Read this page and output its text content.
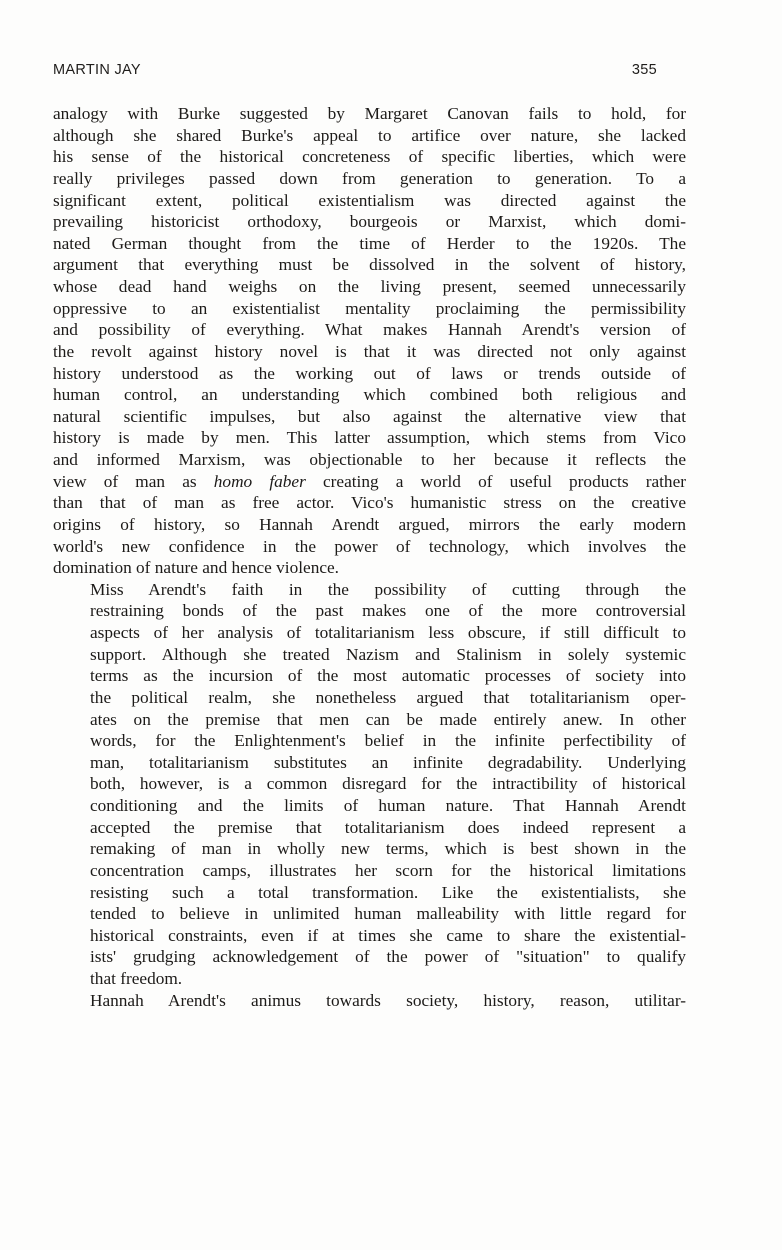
MARTIN JAY	355

analogy with Burke suggested by Margaret Canovan fails to hold, for
although she shared Burke's appeal to artifice over nature, she lacked
his sense of the historical concreteness of specific liberties, which were
really privileges passed down from generation to generation. To a
significant extent, political existentialism was directed against the
prevailing historicist orthodoxy, bourgeois or Marxist, which domi-
nated German thought from the time of Herder to the 1920s. The
argument that everything must be dissolved in the solvent of history,
whose dead hand weighs on the living present, seemed unnecessarily
oppressive to an existentialist mentality proclaiming the permissibility
and possibility of everything. What makes Hannah Arendt's version of
the revolt against history novel is that it was directed not only against
history understood as the working out of laws or trends outside of
human control, an understanding which combined both religious and
natural scientific impulses, but also against the alternative view that
history is made by men. This latter assumption, which stems from Vico
and informed Marxism, was objectionable to her because it reflects the
view of man as homo faber creating a world of useful products rather
than that of man as free actor. Vico's humanistic stress on the creative
origins of history, so Hannah Arendt argued, mirrors the early modern
world's new confidence in the power of technology, which involves the
domination of nature and hence violence.

Miss Arendt's faith in the possibility of cutting through the
restraining bonds of the past makes one of the more controversial
aspects of her analysis of totalitarianism less obscure, if still difficult to
support. Although she treated Nazism and Stalinism in solely systemic
terms as the incursion of the most automatic processes of society into
the political realm, she nonetheless argued that totalitarianism oper-
ates on the premise that men can be made entirely anew. In other
words, for the Enlightenment's belief in the infinite perfectibility of
man, totalitarianism substitutes an infinite degradability. Underlying
both, however, is a common disregard for the intractibility of historical
conditioning and the limits of human nature. That Hannah Arendt
accepted the premise that totalitarianism does indeed represent a
remaking of man in wholly new terms, which is best shown in the
concentration camps, illustrates her scorn for the historical limitations
resisting such a total transformation. Like the existentialists, she
tended to believe in unlimited human malleability with little regard for
historical constraints, even if at times she came to share the existential-
ists' grudging acknowledgement of the power of "situation" to qualify
that freedom.

Hannah Arendt's animus towards society, history, reason, utilitar-
